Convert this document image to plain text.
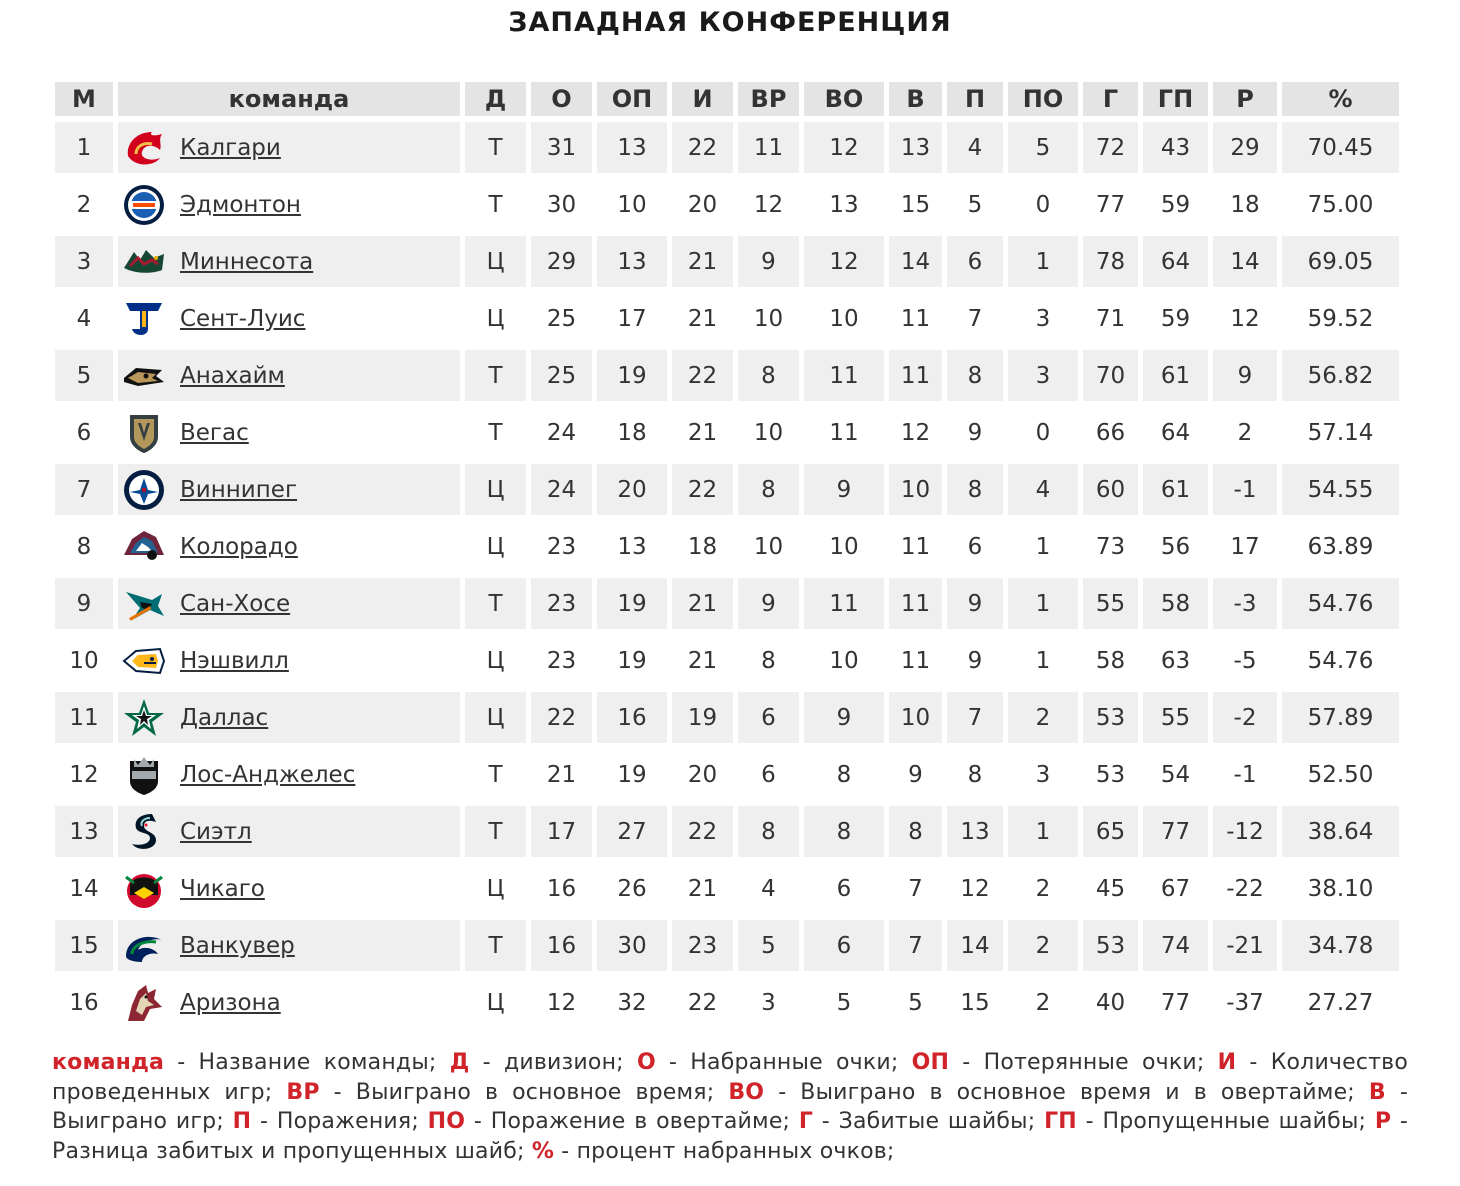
ЗАПАДНАЯ КОНФЕРЕНЦИЯ
М	команда	Д	О	ОП	И	ВР	ВО	В	П	ПО	Г	ГП	Р	%
1	Калгари	Т	31	13	22	11	12	13	4	5	72	43	29	70.45
2	Эдмонтон	Т	30	10	20	12	13	15	5	0	77	59	18	75.00
3	Миннесота	Ц	29	13	21	9	12	14	6	1	78	64	14	69.05
4	Сент-Луис	Ц	25	17	21	10	10	11	7	3	71	59	12	59.52
5	Анахайм	Т	25	19	22	8	11	11	8	3	70	61	9	56.82
6	Вегас	Т	24	18	21	10	11	12	9	0	66	64	2	57.14
7	Виннипег	Ц	24	20	22	8	9	10	8	4	60	61	-1	54.55
8	Колорадо	Ц	23	13	18	10	10	11	6	1	73	56	17	63.89
9	Сан-Хосе	Т	23	19	21	9	11	11	9	1	55	58	-3	54.76
10	Нэшвилл	Ц	23	19	21	8	10	11	9	1	58	63	-5	54.76
11	Даллас	Ц	22	16	19	6	9	10	7	2	53	55	-2	57.89
12	Лос-Анджелес	Т	21	19	20	6	8	9	8	3	53	54	-1	52.50
13	Сиэтл	Т	17	27	22	8	8	8	13	1	65	77	-12	38.64
14	Чикаго	Ц	16	26	21	4	6	7	12	2	45	67	-22	38.10
15	Ванкувер	Т	16	30	23	5	6	7	14	2	53	74	-21	34.78
16	Аризона	Ц	12	32	22	3	5	5	15	2	40	77	-37	27.27
команда - Название команды; Д - дивизион; О - Набранные очки; ОП - Потерянные очки; И - Количество проведенных игр; ВР - Выиграно в основное время; ВО - Выиграно в основное время и в овертайме; В - Выиграно игр; П - Поражения; ПО - Поражение в овертайме; Г - Забитые шайбы; ГП - Пропущенные шайбы; Р - Разница забитых и пропущенных шайб; % - процент набранных очков;
